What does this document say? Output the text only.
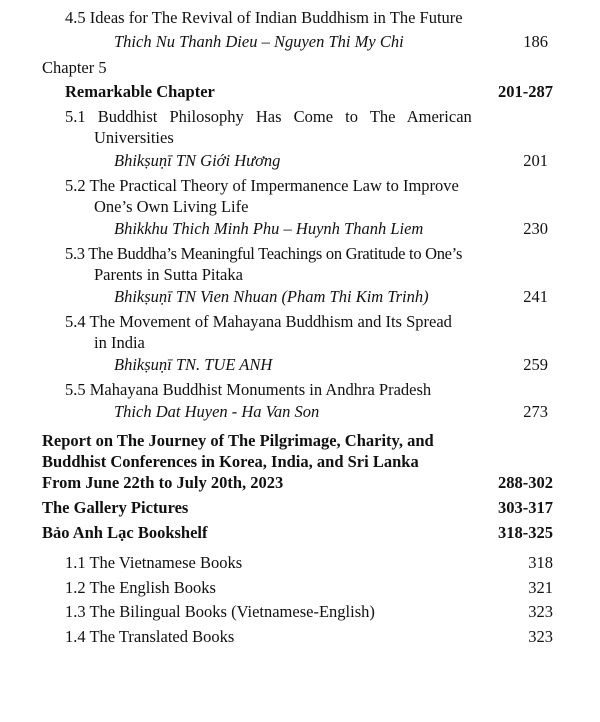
4.5 Ideas for The Revival of Indian Buddhism in The Future
Thich Nu Thanh Dieu – Nguyen Thi My Chi	186
Chapter 5
Remarkable Chapter	201-287
5.1 Buddhist Philosophy Has Come to The American
Universities
Bhikṣuṇī TN Giới Hương	201
5.2 The Practical Theory of Impermanence Law to Improve
One’s Own Living Life
Bhikkhu Thich Minh Phu – Huynh Thanh Liem	230
5.3 The Buddha’s Meaningful Teachings on Gratitude to One’s
Parents in Sutta Pitaka
Bhikṣuṇī TN Vien Nhuan (Pham Thi Kim Trinh)	241
5.4 The Movement of Mahayana Buddhism and Its Spread
in India
Bhikṣuṇī TN. TUE ANH	259
5.5 Mahayana Buddhist Monuments in Andhra Pradesh
Thich Dat Huyen - Ha Van Son	273
Report on The Journey of The Pilgrimage, Charity, and
Buddhist Conferences in Korea, India, and Sri Lanka
From June 22th to July 20th, 2023	288-302
The Gallery Pictures	303-317
Bảo Anh Lạc Bookshelf	318-325
1.1 The Vietnamese Books	318
1.2 The English Books	321
1.3 The Bilingual Books (Vietnamese-English)	323
1.4 The Translated Books	323
